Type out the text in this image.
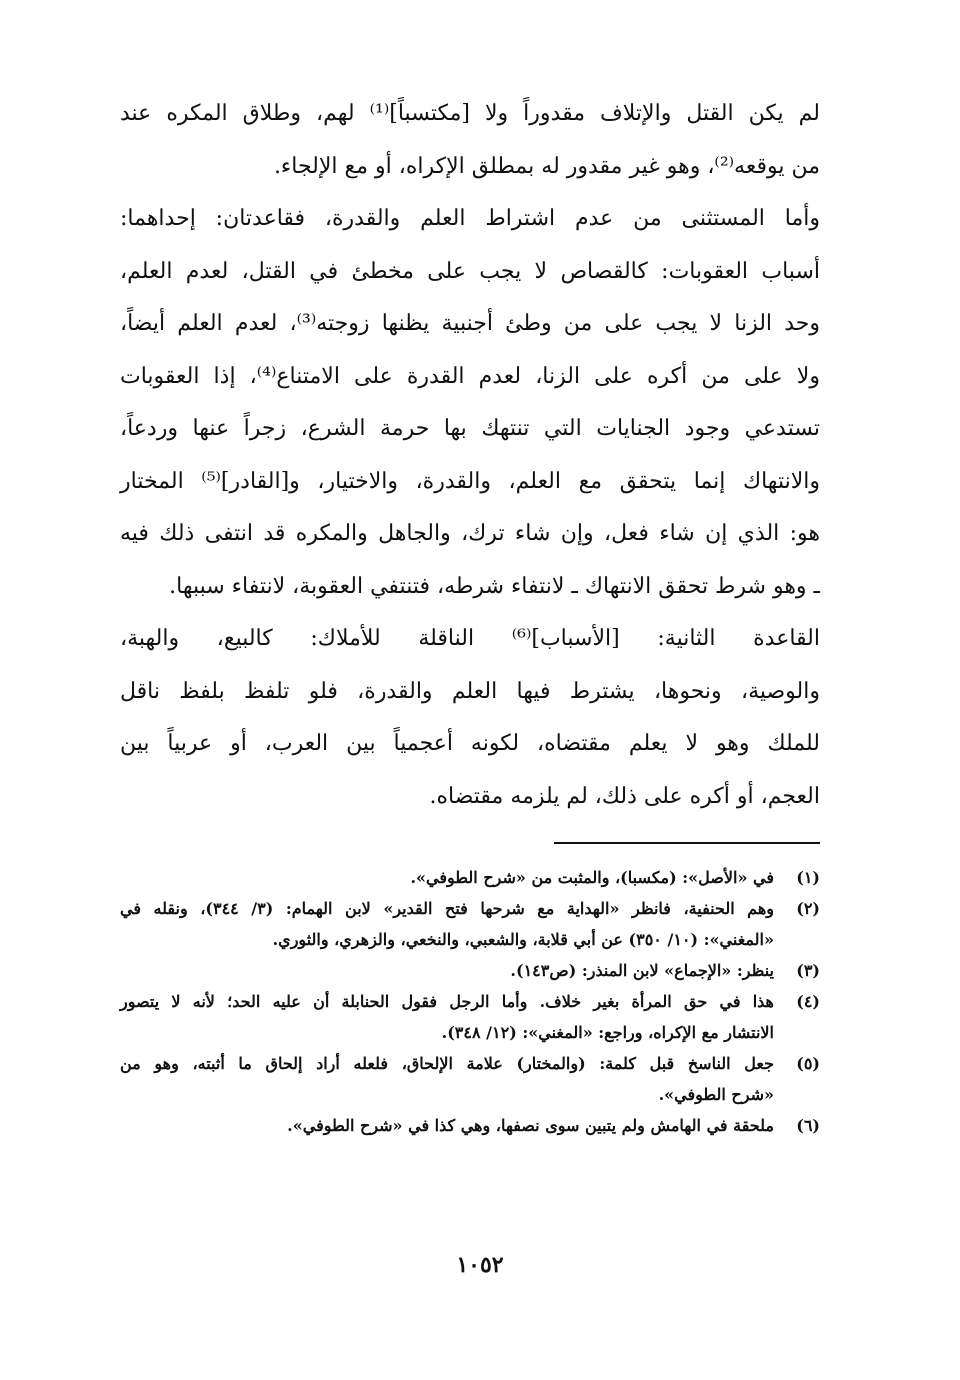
لم يكن القتل والإتلاف مقدوراً ولا [مكتسباً]⁽¹⁾ لهم، وطلاق المكره عند
من يوقعه⁽²⁾، وهو غير مقدور له بمطلق الإكراه، أو مع الإلجاء.
وأما المستثنى من عدم اشتراط العلم والقدرة، فقاعدتان: إحداهما:
أسباب العقوبات: كالقصاص لا يجب على مخطئ في القتل، لعدم العلم،
وحد الزنا لا يجب على من وطئ أجنبية يظنها زوجته⁽³⁾، لعدم العلم أيضاً،
ولا على من أكره على الزنا، لعدم القدرة على الامتناع⁽⁴⁾، إذا العقوبات
تستدعي وجود الجنايات التي تنتهك بها حرمة الشرع، زجراً عنها وردعاً،
والانتهاك إنما يتحقق مع العلم، والقدرة، والاختيار، و[القادر]⁽⁵⁾ المختار
هو: الذي إن شاء فعل، وإن شاء ترك، والجاهل والمكره قد انتفى ذلك فيه
ـ وهو شرط تحقق الانتهاك ـ لانتفاء شرطه، فتنتفي العقوبة، لانتفاء سببها.
القاعدة الثانية: [الأسباب]⁽⁶⁾ الناقلة للأملاك: كالبيع، والهبة،
والوصية، ونحوها، يشترط فيها العلم والقدرة، فلو تلفظ بلفظ ناقل
للملك وهو لا يعلم مقتضاه، لكونه أعجمياً بين العرب، أو عربياً بين
العجم، أو أكره على ذلك، لم يلزمه مقتضاه.
(١)
في «الأصل»: (مكسبا)، والمثبت من «شرح الطوفي».
(٢)
وهم الحنفية، فانظر «الهداية مع شرحها فتح القدير» لابن الهمام: (٣/ ٣٤٤)، ونقله في
«المغني»: (١٠/ ٣٥٠) عن أبي قلابة، والشعبي، والنخعي، والزهري، والثوري.
(٣)
ينظر: «الإجماع» لابن المنذر: (ص١٤٣).
(٤)
هذا في حق المرأة بغير خلاف. وأما الرجل فقول الحنابلة أن عليه الحد؛ لأنه لا يتصور
الانتشار مع الإكراه، وراجع: «المغني»: (١٢/ ٣٤٨).
(٥)
جعل الناسخ قبل كلمة: (والمختار) علامة الإلحاق، فلعله أراد إلحاق ما أثبته، وهو من
«شرح الطوفي».
(٦)
ملحقة في الهامش ولم يتبين سوى نصفها، وهي كذا في «شرح الطوفي».
١٠٥٢
